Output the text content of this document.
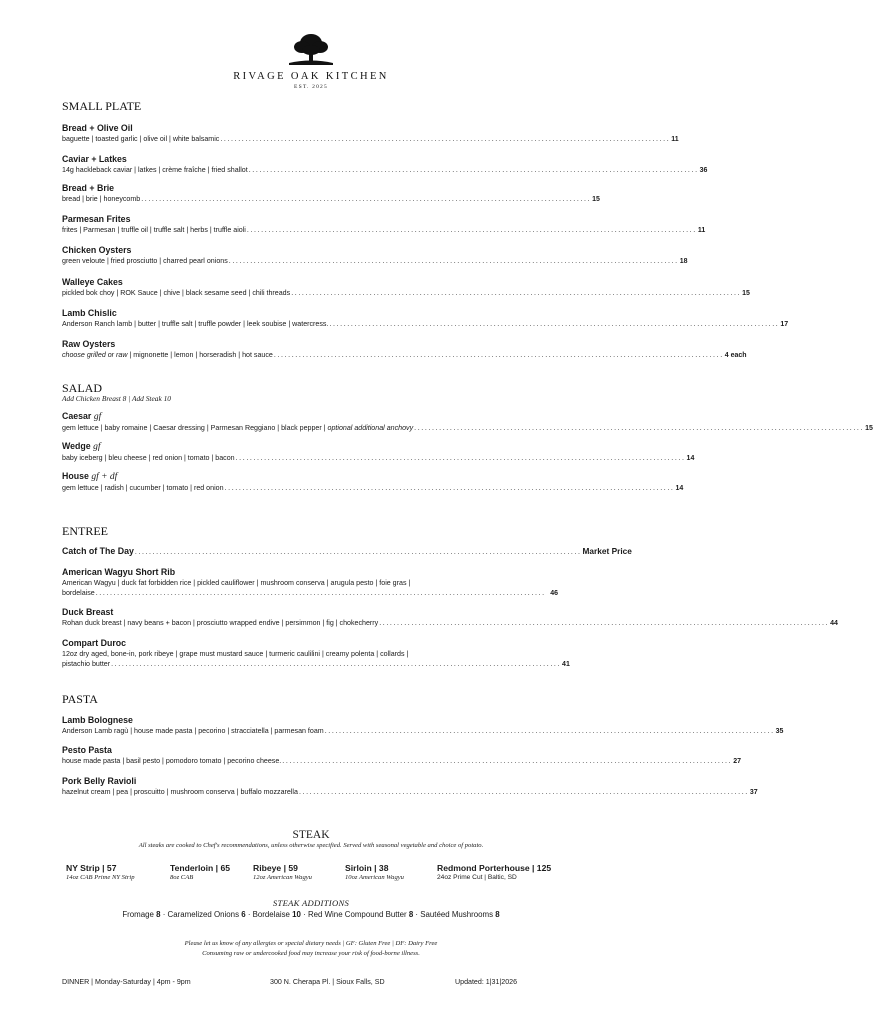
RIVAGE OAK KITCHEN
EST. 2025
SMALL PLATE
Bread + Olive Oil
baguette | toasted garlic | olive oil | white balsamic .............................................................................................................................. 11
Caviar + Latkes
14g hackleback caviar | latkes | crème fraîche | fried shallot .............................................................................................................................. 36
Bread + Brie
bread | brie | honeycomb .............................................................................................................................. 15
Parmesan Frites
frites | Parmesan | truffle oil | truffle salt | herbs | truffle aioli .............................................................................................................................. 11
Chicken Oysters
green veloute | fried prosciutto | charred pearl onions .............................................................................................................................. 18
Walleye Cakes
pickled bok choy | ROK Sauce | chive | black sesame seed | chili threads .............................................................................................................................. 15
Lamb Chislic
Anderson Ranch lamb | butter | truffle salt | truffle powder | leek soubise | watercress. .............................................................................................................................. 17
Raw Oysters
choose grilled or raw | mignonette | lemon | horseradish | hot sauce .............................................................................................................................. 4 each
SALAD
Add Chicken Breast 8 | Add Steak 10
Caesar gf
gem lettuce | baby romaine | Caesar dressing | Parmesan Reggiano | black pepper | optional additional anchovy .............................................................................................................................. 15
Wedge gf
baby iceberg | bleu cheese | red onion | tomato | bacon .............................................................................................................................. 14
House gf + df
gem lettuce | radish | cucumber | tomato | red onion .............................................................................................................................. 14
ENTREE
Catch of The Day .............................................................................................................................. Market Price
American Wagyu Short Rib
American Wagyu | duck fat forbidden rice | pickled cauliflower | mushroom conserva | arugula pesto | foie gras |
bordelaise .............................................................................................................................. 46
Duck Breast
Rohan duck breast | navy beans + bacon | prosciutto wrapped endive | persimmon | fig | chokecherry .............................................................................................................................. 44
Compart Duroc
12oz dry aged, bone-in, pork ribeye | grape must mustard sauce | turmeric caulilini | creamy polenta | collards |
pistachio butter .............................................................................................................................. 41
PASTA
Lamb Bolognese
Anderson Lamb ragù | house made pasta | pecorino | stracciatella | parmesan foam .............................................................................................................................. 35
Pesto Pasta
house made pasta | basil pesto | pomodoro tomato | pecorino cheese. .............................................................................................................................. 27
Pork Belly Ravioli
hazelnut cream | pea | proscuitto | mushroom conserva | buffalo mozzarella .............................................................................................................................. 37
STEAK
All steaks are cooked to Chef's recommendations, unless otherwise specified. Served with seasonal vegetable and choice of potato.
NY Strip | 57
14oz CAB Prime NY Strip
Tenderloin | 65
8oz CAB
Ribeye | 59
12oz American Wagyu
Sirloin | 38
10oz American Wagyu
Redmond Porterhouse | 125
24oz Prime Cut | Baltic, SD
STEAK ADDITIONS
Fromage 8 · Caramelized Onions 6 · Bordelaise 10 · Red Wine Compound Butter 8 · Sautéed Mushrooms 8
Please let us know of any allergies or special dietary needs | GF: Gluten Free | DF: Dairy Free
Consuming raw or undercooked food may increase your risk of food-borne illness.
DINNER | Monday-Saturday | 4pm - 9pm	300 N. Cherapa Pl. | Sioux Falls, SD	Updated: 1|31|2026
